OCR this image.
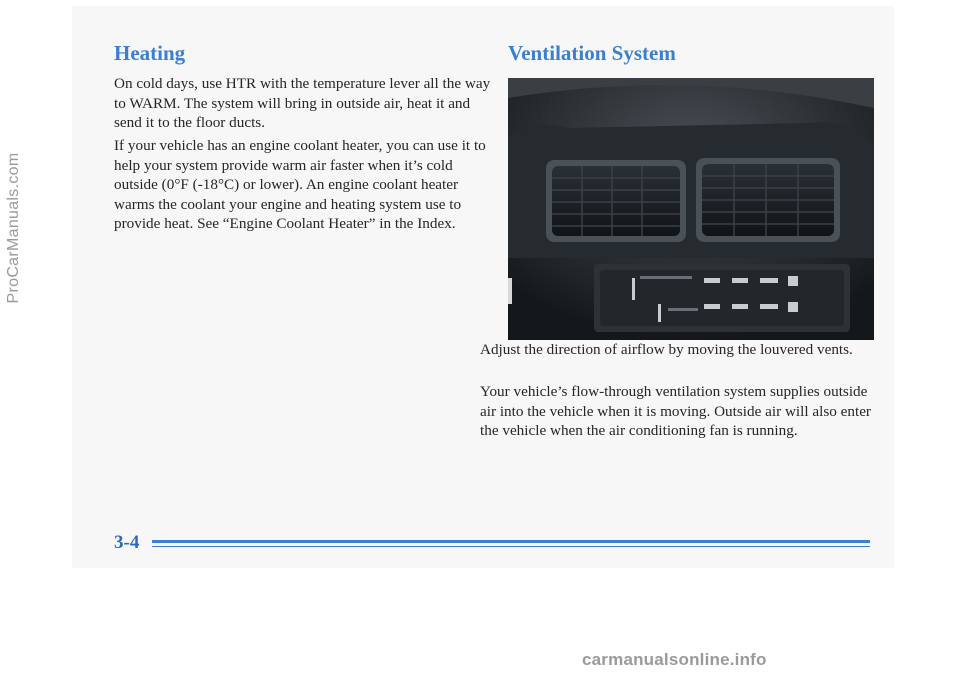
ProCarManuals.com
Heating

On cold days, use HTR with the temperature lever all the way to WARM. The system will bring in outside air, heat it and send it to the floor ducts.

If your vehicle has an engine coolant heater, you can use it to help your system provide warm air faster when it’s cold outside (0°F (-18°C) or lower). An engine coolant heater warms the coolant your engine and heating system use to provide heat. See “Engine Coolant Heater” in the Index.

Ventilation System

Adjust the direction of airflow by moving the louvered vents.

Your vehicle’s flow-through ventilation system supplies outside air into the vehicle when it is moving. Outside air will also enter the vehicle when the air conditioning fan is running.

3-4

carmanualsonline.info
